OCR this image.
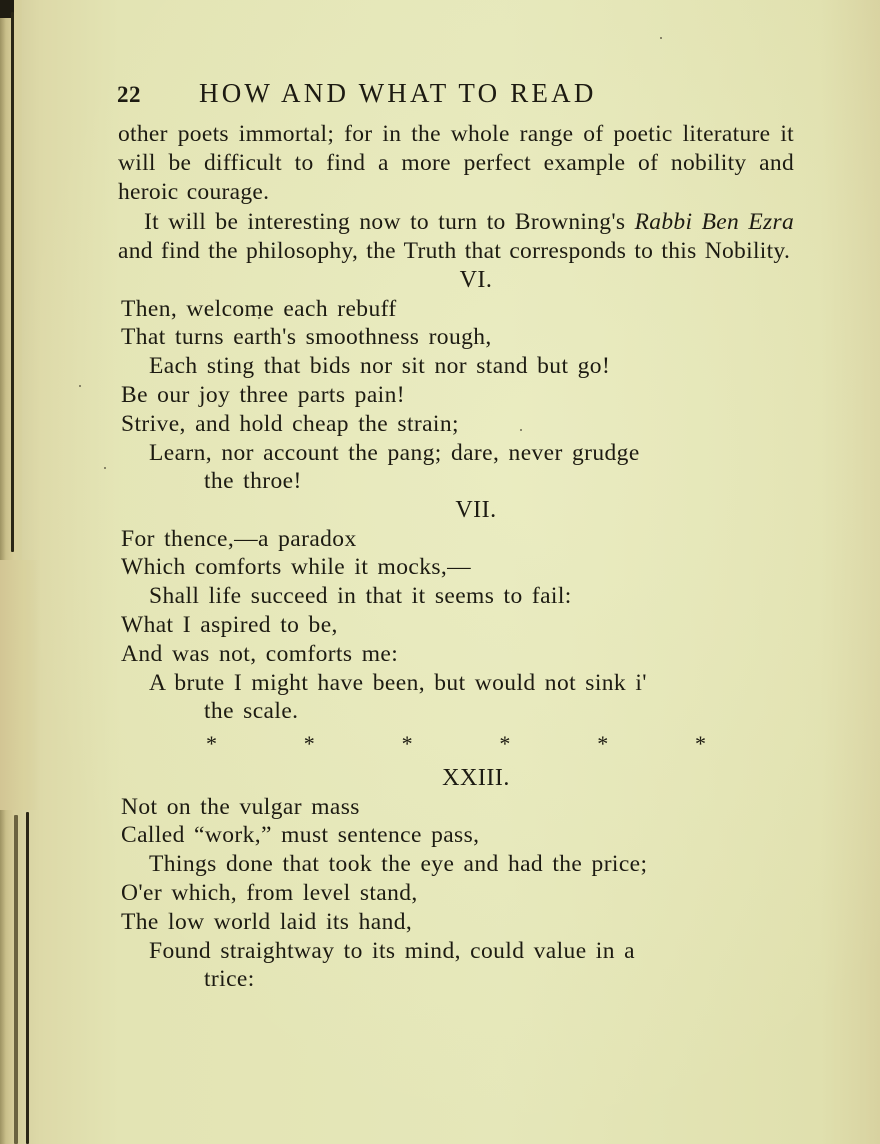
22	HOW AND WHAT TO READ

other poets immortal; for in the whole range of poetic literature it will be difficult to find a more perfect example of nobility and heroic courage.

It will be interesting now to turn to Browning's Rabbi Ben Ezra and find the philosophy, the Truth that corresponds to this Nobility.

VI.

Then, welcome each rebuff

That turns earth's smoothness rough,

Each sting that bids nor sit nor stand but go!

Be our joy three parts pain!

Strive, and hold cheap the strain;

Learn, nor account the pang; dare, never grudge

the throe!

VII.

For thence,—a paradox

Which comforts while it mocks,—

Shall life succeed in that it seems to fail:

What I aspired to be,

And was not, comforts me:

A brute I might have been, but would not sink i'

the scale.

*	*	*	*	*	*

XXIII.

Not on the vulgar mass

Called “work,” must sentence pass,

Things done that took the eye and had the price;

O'er which, from level stand,

The low world laid its hand,

Found straightway to its mind, could value in a

trice:
